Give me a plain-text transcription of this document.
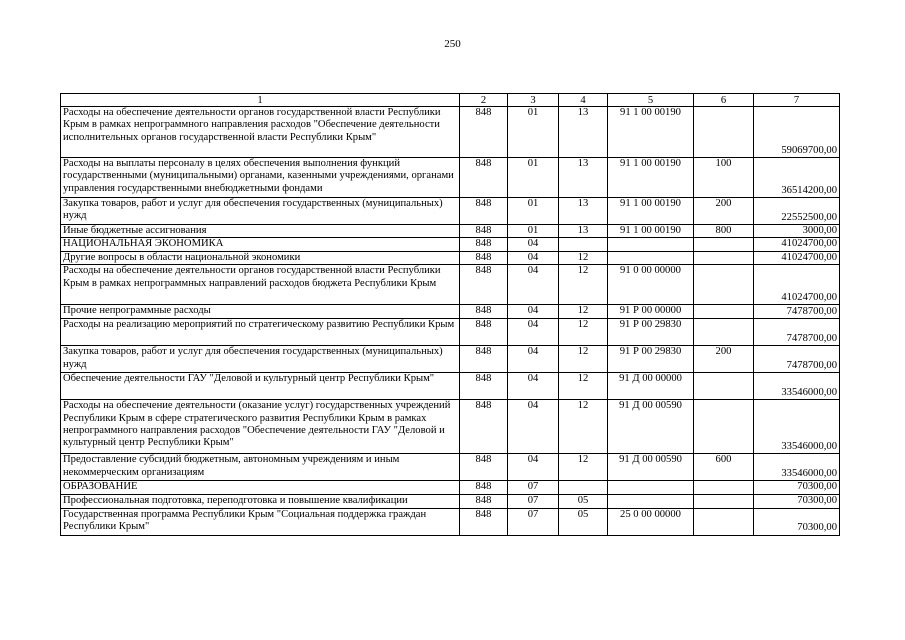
250
1	2	3	4	5	6	7
Расходы на обеспечение деятельности органов государственной власти Республики Крым в рамках непрограммного направления расходов "Обеспечение деятельности исполнительных органов государственной власти Республики Крым"	848	01	13	91 1 00 00190		59069700,00
Расходы на выплаты персоналу в целях обеспечения выполнения функций государственными (муниципальными) органами, казенными учреждениями, органами управления государственными внебюджетными фондами	848	01	13	91 1 00 00190	100	36514200,00
Закупка товаров, работ и услуг для обеспечения государственных (муниципальных) нужд	848	01	13	91 1 00 00190	200	22552500,00
Иные бюджетные ассигнования	848	01	13	91 1 00 00190	800	3000,00
НАЦИОНАЛЬНАЯ ЭКОНОМИКА	848	04				41024700,00
Другие вопросы в области национальной экономики	848	04	12			41024700,00
Расходы на обеспечение деятельности органов государственной власти Республики Крым в рамках непрограммных направлений расходов бюджета Республики Крым	848	04	12	91 0 00 00000		41024700,00
Прочие непрограммные расходы	848	04	12	91 Р 00 00000		7478700,00
Расходы на реализацию мероприятий по стратегическому развитию Республики Крым	848	04	12	91 Р 00 29830		7478700,00
Закупка товаров, работ и услуг для обеспечения государственных (муниципальных) нужд	848	04	12	91 Р 00 29830	200	7478700,00
Обеспечение деятельности ГАУ "Деловой и культурный центр Республики Крым"	848	04	12	91 Д 00 00000		33546000,00
Расходы на обеспечение деятельности (оказание услуг) государственных учреждений Республики Крым в сфере стратегического развития Республики Крым в рамках непрограммного направления расходов "Обеспечение деятельности ГАУ "Деловой и культурный центр Республики Крым"	848	04	12	91 Д 00 00590		33546000,00
Предоставление субсидий бюджетным, автономным учреждениям и иным некоммерческим организациям	848	04	12	91 Д 00 00590	600	33546000,00
ОБРАЗОВАНИЕ	848	07				70300,00
Профессиональная подготовка, переподготовка и повышение квалификации	848	07	05			70300,00
Государственная программа Республики Крым "Социальная поддержка граждан Республики Крым"	848	07	05	25 0 00 00000		70300,00
